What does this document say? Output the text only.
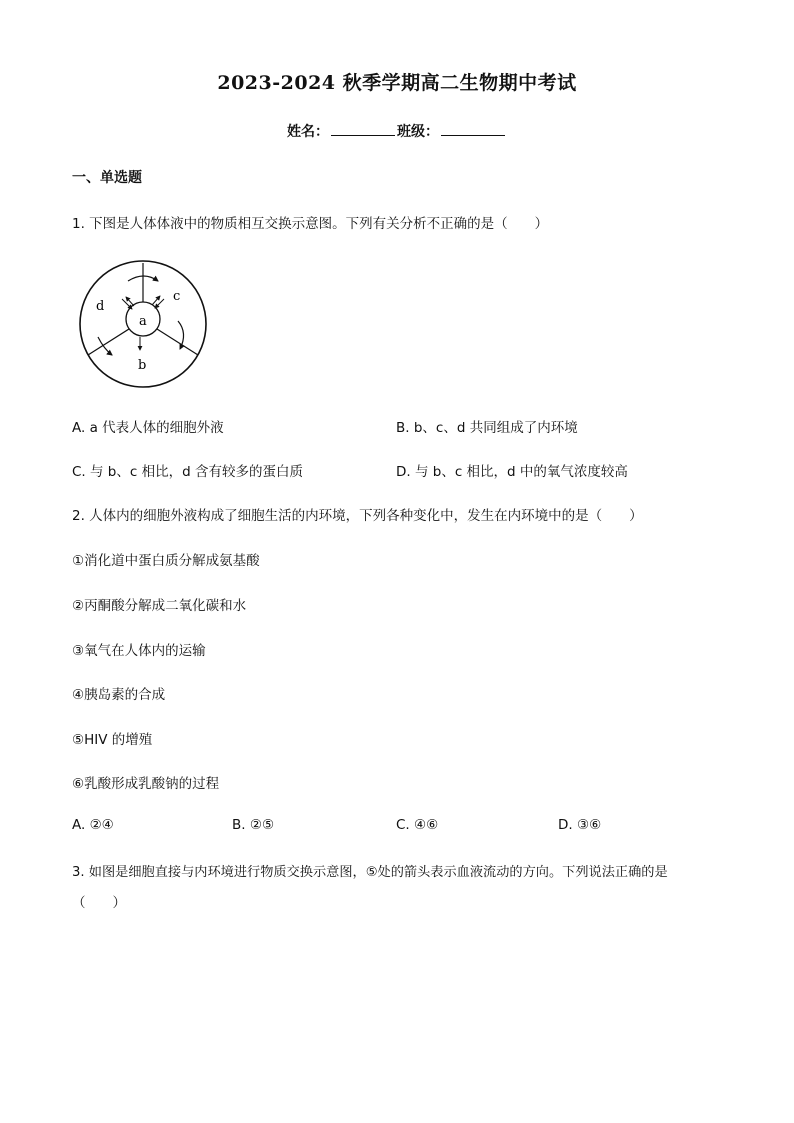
2023-2024 秋季学期高二生物期中考试
姓名：	班级：
一、单选题
1. 下图是人体体液中的物质相互交换示意图。下列有关分析不正确的是（　　）
a
b
c
d
A. a 代表人体的细胞外液	B. b、c、d 共同组成了内环境
C. 与 b、c 相比，d 含有较多的蛋白质	D. 与 b、c 相比，d 中的氧气浓度较高
2. 人体内的细胞外液构成了细胞生活的内环境，下列各种变化中，发生在内环境中的是（　　）
①消化道中蛋白质分解成氨基酸
②丙酮酸分解成二氧化碳和水
③氧气在人体内的运输
④胰岛素的合成
⑤HIV 的增殖
⑥乳酸形成乳酸钠的过程
A. ②④	B. ②⑤	C. ④⑥	D. ③⑥
3. 如图是细胞直接与内环境进行物质交换示意图，⑤处的箭头表示血液流动的方向。下列说法正确的是
（　　）
